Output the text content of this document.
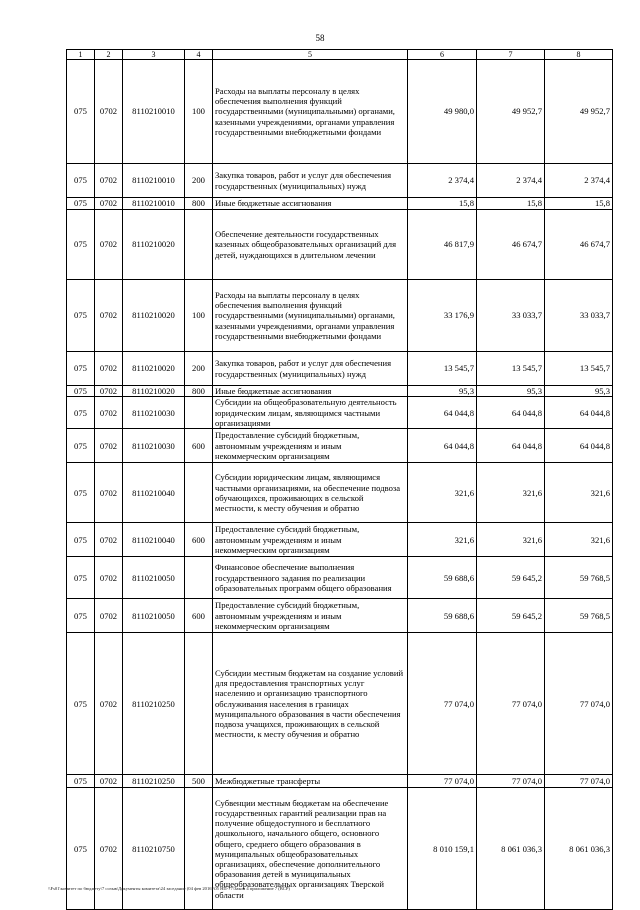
58
1	2	3	4	5	6	7	8
075	0702	8110210010	100	Расходы на выплаты персоналу в целях обеспечения выполнения функций государственными (муниципальными) органами, казенными учреждениями, органами управления государственными внебюджетными фондами	49 980,0	49 952,7	49 952,7
075	0702	8110210010	200	Закупка товаров, работ и услуг для обеспечения государственных (муниципальных) нужд	2 374,4	2 374,4	2 374,4
075	0702	8110210010	800	Иные бюджетные ассигнования	15,8	15,8	15,8
075	0702	8110210020		Обеспечение деятельности государственных казенных общеобразовательных организаций для детей, нуждающихся в длительном лечении	46 817,9	46 674,7	46 674,7
075	0702	8110210020	100	Расходы на выплаты персоналу в целях обеспечения выполнения функций государственными (муниципальными) органами, казенными учреждениями, органами управления государственными внебюджетными фондами	33 176,9	33 033,7	33 033,7
075	0702	8110210020	200	Закупка товаров, работ и услуг для обеспечения государственных (муниципальных) нужд	13 545,7	13 545,7	13 545,7
075	0702	8110210020	800	Иные бюджетные ассигнования	95,3	95,3	95,3
075	0702	8110210030		Субсидии на общеобразовательную деятельность юридическим лицам, являющимся частными организациями	64 044,8	64 044,8	64 044,8
075	0702	8110210030	600	Предоставление субсидий бюджетным, автономным учреждениям и иным некоммерческим организациям	64 044,8	64 044,8	64 044,8
075	0702	8110210040		Субсидии юридическим лицам, являющимся частными организациями, на обеспечение подвоза обучающихся, проживающих в сельской местности, к месту обучения и обратно	321,6	321,6	321,6
075	0702	8110210040	600	Предоставление субсидий бюджетным, автономным учреждениям и иным некоммерческим организациям	321,6	321,6	321,6
075	0702	8110210050		Финансовое обеспечение выполнения государственного задания по реализации образовательных программ общего образования	59 688,6	59 645,2	59 768,5
075	0702	8110210050	600	Предоставление субсидий бюджетным, автономным учреждениям и иным некоммерческим организациям	59 688,6	59 645,2	59 768,5
075	0702	8110210250		Субсидии местным бюджетам на создание условий для предоставления транспортных услуг населению и организацию транспортного обслуживания населения в границах муниципального образования в части обеспечения подвоза учащихся, проживающих в сельской местности, к месту обучения и обратно	77 074,0	77 074,0	77 074,0
075	0702	8110210250	500	Межбюджетные трансферты	77 074,0	77 074,0	77 074,0
075	0702	8110210750		Субвенции местным бюджетам на обеспечение государственных гарантий реализации прав на получение общедоступного и бесплатного дошкольного, начального общего, основного общего, среднего общего образования в муниципальных общеобразовательных организациях, обеспечение дополнительного образования детей в муниципальных общеобразовательных организациях Тверской области	8 010 159,1	8 061 036,3	8 061 036,3
\\Fs01\комитет по бюджету\7 созыв\Документы комитета\24 заседание (04 фев 2016)\05 НП-77\Закон 4 приложение 7 (ВСР)
